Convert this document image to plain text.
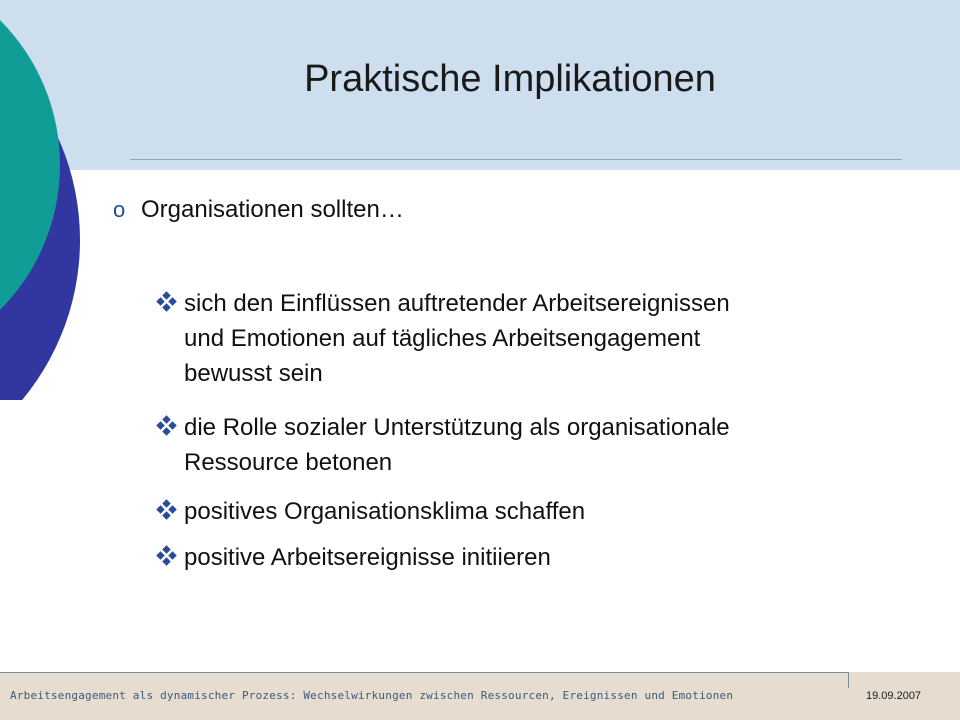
Praktische Implikationen
o Organisationen sollten…
sich den Einflüssen auftretender Arbeitsereignissen
und Emotionen auf tägliches Arbeitsengagement
bewusst sein
die Rolle sozialer Unterstützung als organisationale
Ressource betonen
positives Organisationsklima schaffen
positive Arbeitsereignisse initiieren
Arbeitsengagement als dynamischer Prozess: Wechselwirkungen zwischen Ressourcen, Ereignissen und Emotionen	19.09.2007
